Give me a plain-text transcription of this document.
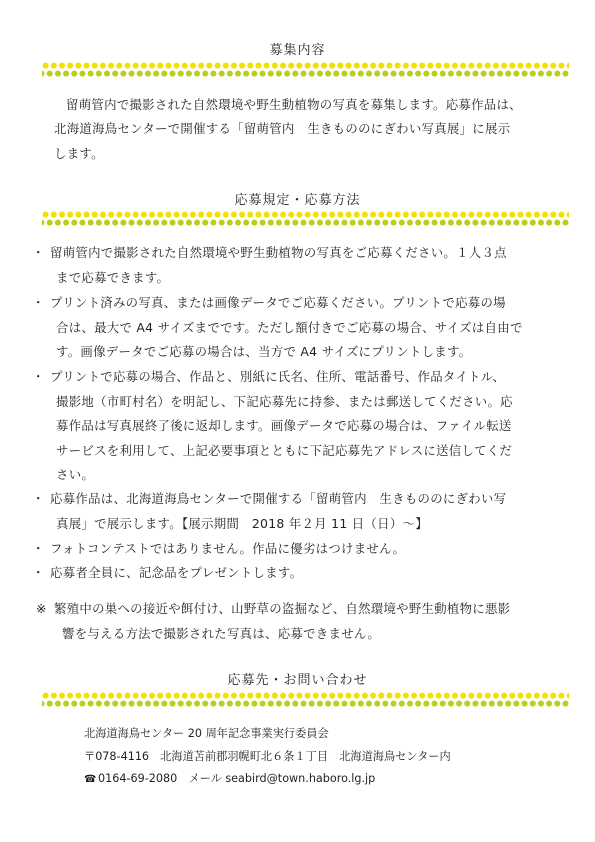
募集内容
留萌管内で撮影された自然環境や野生動植物の写真を募集します。応募作品は、
北海道海鳥センターで開催する「留萌管内　生きもののにぎわい写真展」に展示
します。
応募規定・応募方法
・ 留萌管内で撮影された自然環境や野生動植物の写真をご応募ください。１人３点
まで応募できます。
・ プリント済みの写真、または画像データでご応募ください。プリントで応募の場
合は、最大で A4 サイズまでです。ただし額付きでご応募の場合、サイズは自由で
す。画像データでご応募の場合は、当方で A4 サイズにプリントします。
・ プリントで応募の場合、作品と、別紙に氏名、住所、電話番号、作品タイトル、
撮影地（市町村名）を明記し、下記応募先に持参、または郵送してください。応
募作品は写真展終了後に返却します。画像データで応募の場合は、ファイル転送
サービスを利用して、上記必要事項とともに下記応募先アドレスに送信してくだ
さい。
・ 応募作品は、北海道海鳥センターで開催する「留萌管内　生きもののにぎわい写
真展」で展示します。【展示期間　2018 年２月 11 日（日）〜】
・ フォトコンテストではありません。作品に優劣はつけません。
・ 応募者全員に、記念品をプレゼントします。
※ 繁殖中の巣への接近や餌付け、山野草の盗掘など、自然環境や野生動植物に悪影
響を与える方法で撮影された写真は、応募できません。
応募先・お問い合わせ
北海道海鳥センター 20 周年記念事業実行委員会
〒078-4116　北海道苫前郡羽幌町北６条１丁目　北海道海鳥センター内
☎ 0164-69-2080　メール seabird@town.haboro.lg.jp
